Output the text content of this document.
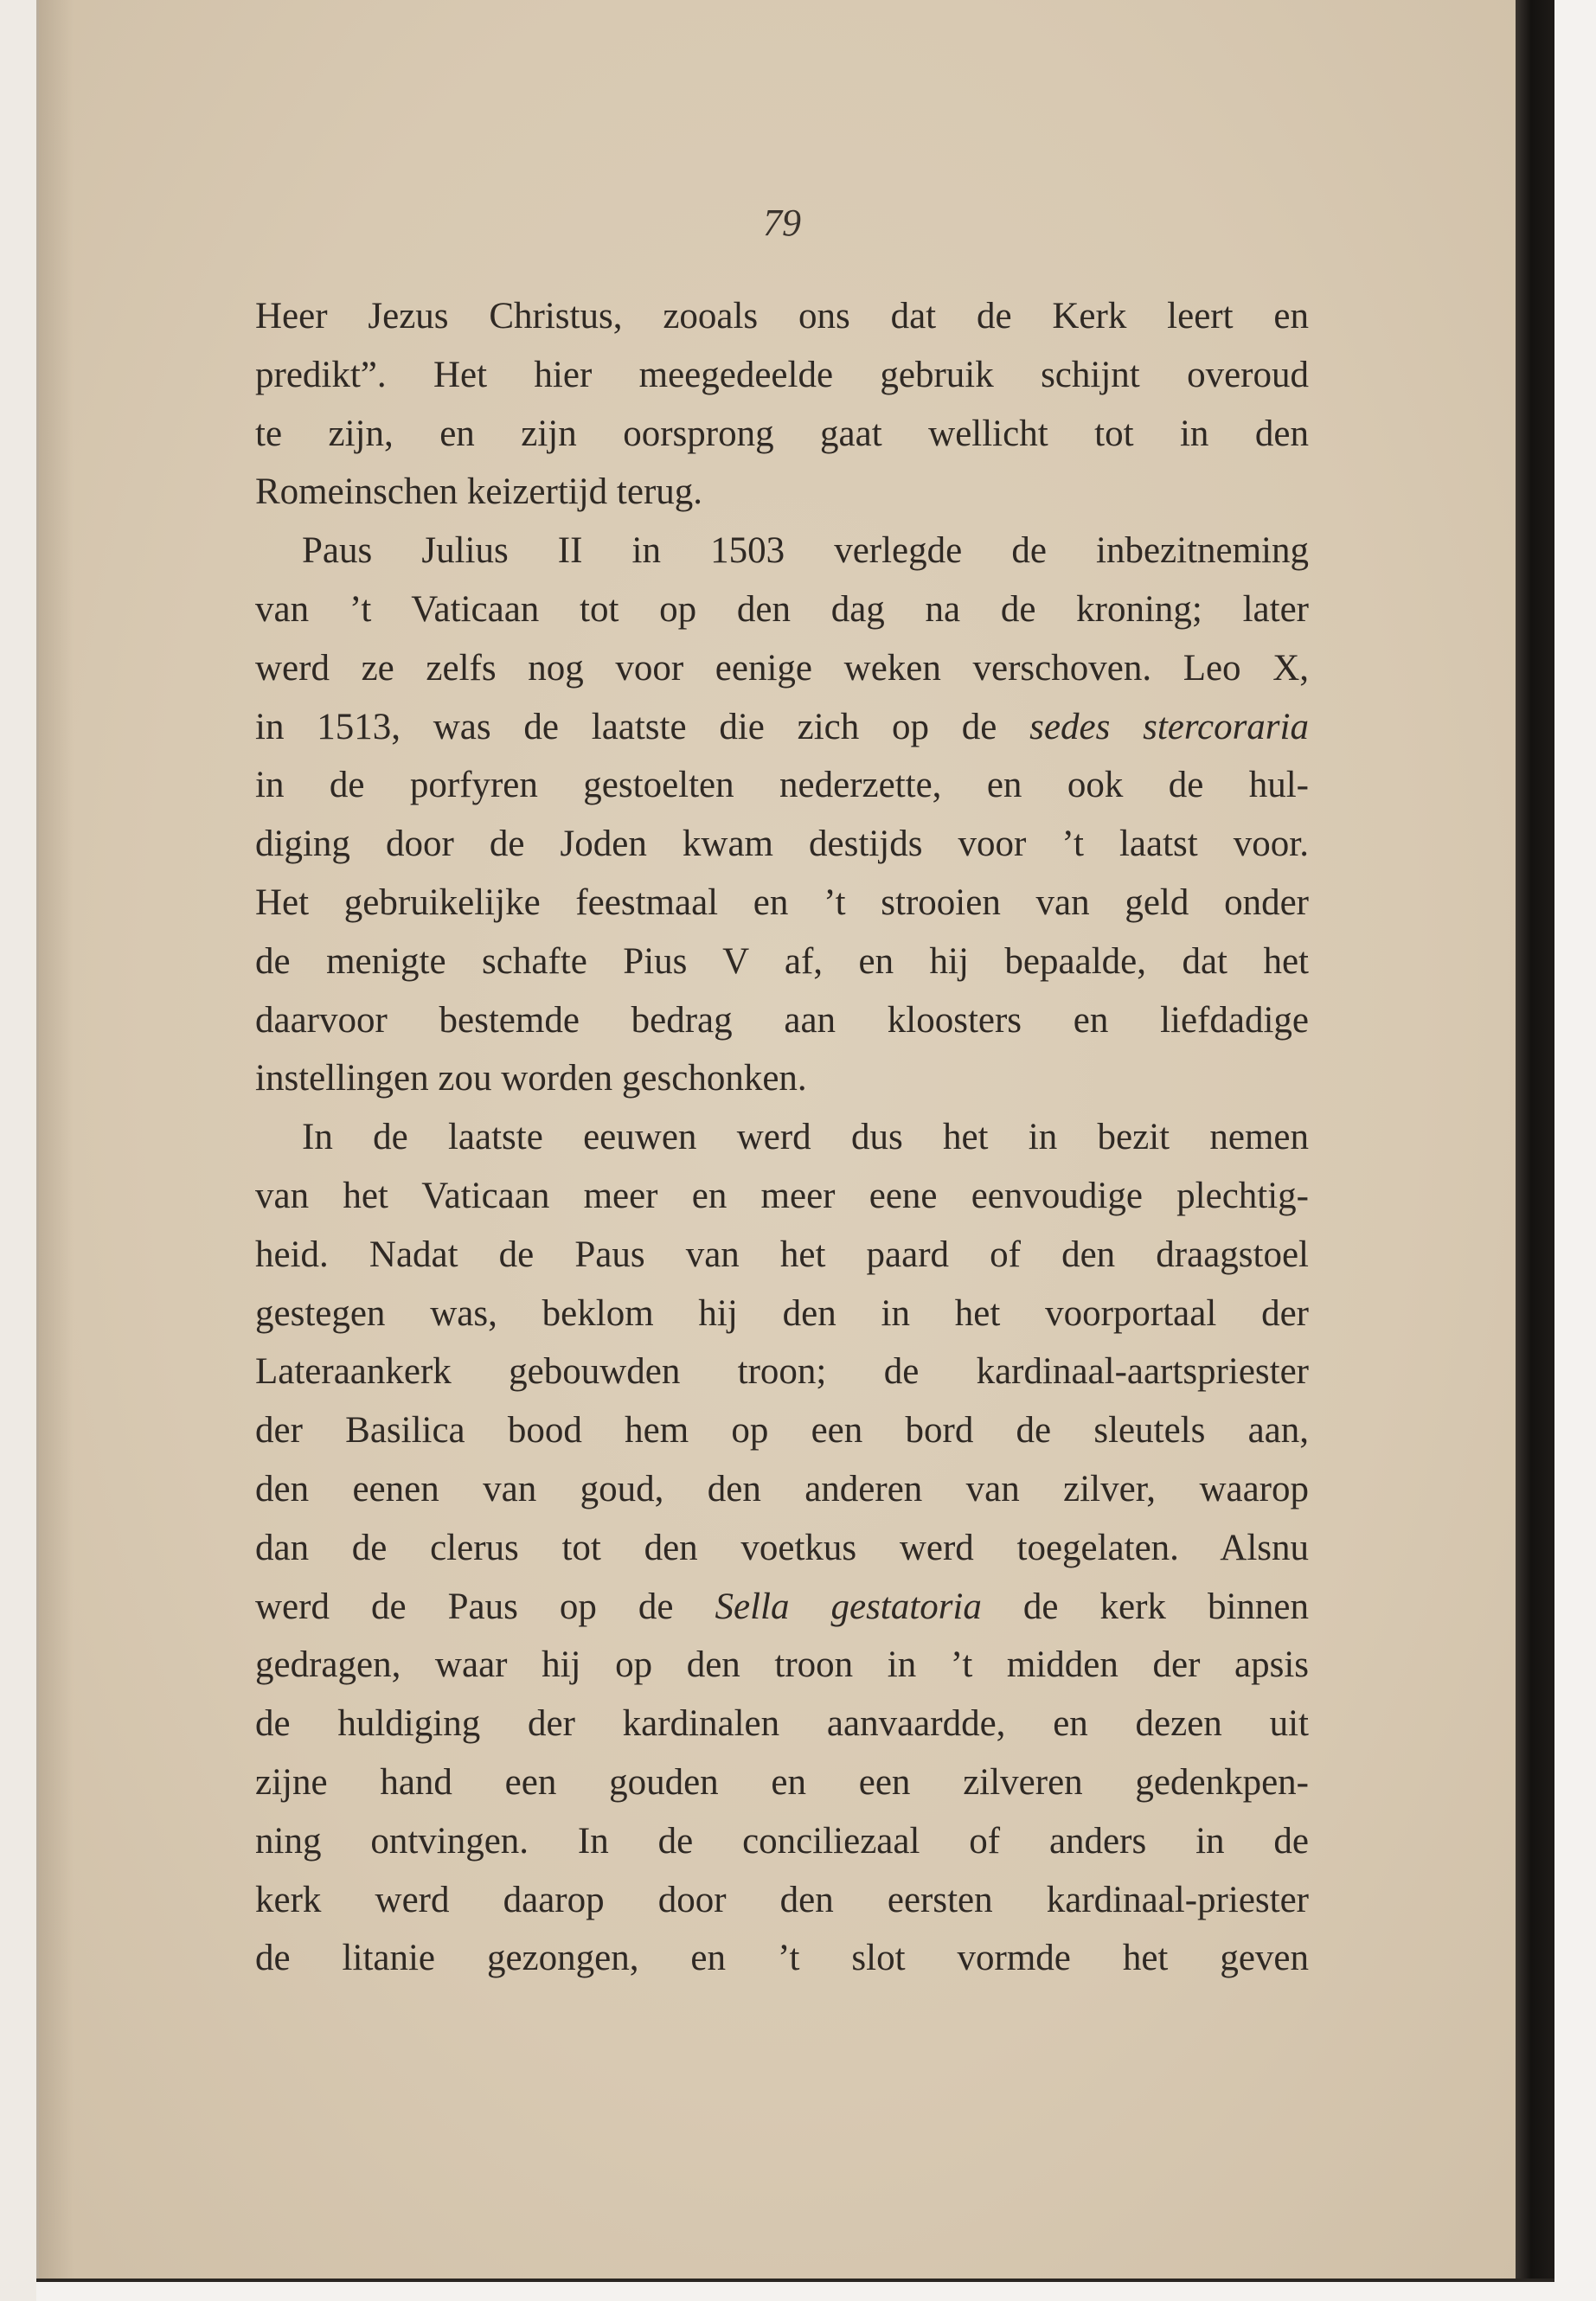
79
Heer Jezus Christus, zooals ons dat de Kerk leert en
predikt”. Het hier meegedeelde gebruik schijnt overoud
te zijn, en zijn oorsprong gaat wellicht tot in den
Romeinschen keizertijd terug.
Paus Julius II in 1503 verlegde de inbezitneming
van ’t Vaticaan tot op den dag na de kroning; later
werd ze zelfs nog voor eenige weken verschoven. Leo X,
in 1513, was de laatste die zich op de sedes stercoraria
in de porfyren gestoelten nederzette, en ook de hul-
diging door de Joden kwam destijds voor ’t laatst voor.
Het gebruikelijke feestmaal en ’t strooien van geld onder
de menigte schafte Pius V af, en hij bepaalde, dat het
daarvoor bestemde bedrag aan kloosters en liefdadige
instellingen zou worden geschonken.
In de laatste eeuwen werd dus het in bezit nemen
van het Vaticaan meer en meer eene eenvoudige plechtig-
heid. Nadat de Paus van het paard of den draagstoel
gestegen was, beklom hij den in het voorportaal der
Lateraankerk gebouwden troon; de kardinaal-aartspriester
der Basilica bood hem op een bord de sleutels aan,
den eenen van goud, den anderen van zilver, waarop
dan de clerus tot den voetkus werd toegelaten. Alsnu
werd de Paus op de Sella gestatoria de kerk binnen
gedragen, waar hij op den troon in ’t midden der apsis
de huldiging der kardinalen aanvaardde, en dezen uit
zijne hand een gouden en een zilveren gedenkpen-
ning ontvingen. In de conciliezaal of anders in de
kerk werd daarop door den eersten kardinaal-priester
de litanie gezongen, en ’t slot vormde het geven
